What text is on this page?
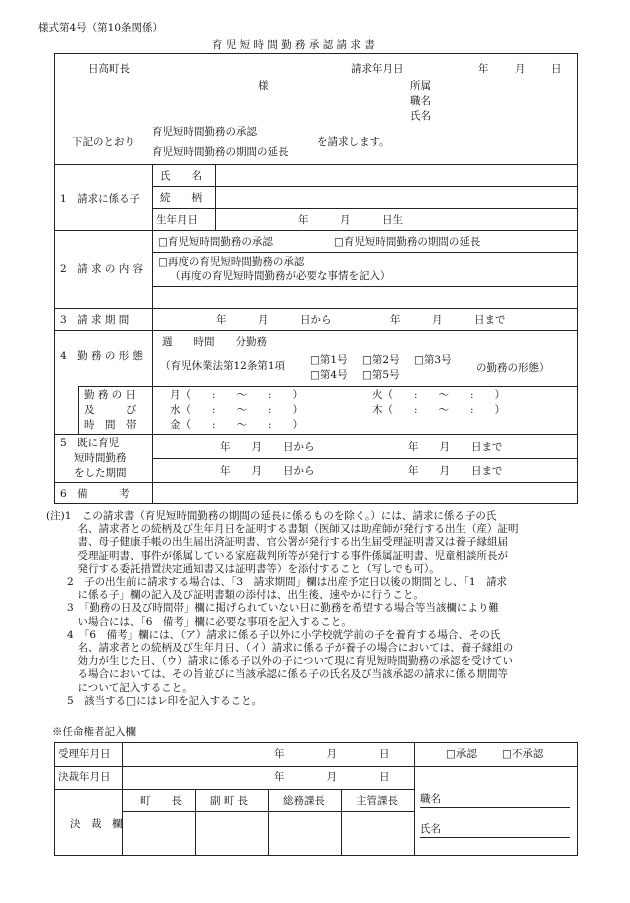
様式第4号（第10条関係）
育 児 短 時 間 勤 務 承 認 請 求 書
日高町長
様
請求年月日	年	月 日
所属
職名
氏名
下記のとおり
育児短時間勤務の承認
育児短時間勤務の期間の延長
を請求します。
1　請求に係る子
氏　　名
続　　柄
生年月日	年　　　月　　　日生
2　請 求 の 内 容
□育児短時間勤務の承認	□育児短時間勤務の期間の延長
□再度の育児短時間勤務の承認
（再度の育児短時間勤務が必要な事情を記入）
3　請 求 期 間	年　　　月　　　日から	年　　　月　　　日まで
4　勤 務 の 形 態
週　　時間　　分勤務
（育児休業法第12条第1項 □第1号 □第2号 □第3号
□第4号 □第5号
の勤務の形態）
勤 務 の 日
及　　　び
時　間　帯
月（　　:　　～　　:　　）	火（　　:　　～　　:　　）
水（　　:　　～　　:　　）	木（　　:　　～　　:　　）
金（　　:　　～　　:　　）
5　既に育児
短時間勤務
をした期間
年　　月　　日から	年　　月　　日まで
年　　月　　日から	年　　月　　日まで
6　備　　　考
(注)1　この請求書（育児短時間勤務の期間の延長に係るものを除く。）には、請求に係る子の氏
　　　名、請求者との続柄及び生年月日を証明する書類（医師又は助産師が発行する出生（産）証明
　　　書、母子健康手帳の出生届出済証明書、官公署が発行する出生届受理証明書又は養子縁組届
　　　受理証明書、事件が係属している家庭裁判所等が発行する事件係属証明書、児童相談所長が
　　　発行する委託措置決定通知書又は証明書等）を添付すること（写しでも可）。
　　2　子の出生前に請求する場合は、「3　請求期間」欄は出産予定日以後の期間とし、「1　請求
　　　に係る子」欄の記入及び証明書類の添付は、出生後、速やかに行うこと。
　　3　「勤務の日及び時間帯」欄に掲げられていない日に勤務を希望する場合等当該欄により難
　　　い場合には、「6　備考」欄に必要な事項を記入すること。
　　4　「6　備考」欄には、（ア）請求に係る子以外に小学校就学前の子を養育する場合、その氏
　　　名、請求者との続柄及び生年月日、（イ）請求に係る子が養子の場合においては、養子縁組の
　　　効力が生じた日、（ウ）請求に係る子以外の子について現に育児短時間勤務の承認を受けてい
　　　る場合においては、その旨並びに当該承認に係る子の氏名及び当該承認の請求に係る期間等
　　　について記入すること。
　　5　該当する□にはレ印を記入すること。
※任命権者記入欄
受理年月日	年　　　　月　　　　日
決裁年月日	年　　　　月　　　　日
□承認 □不承認
決　裁　欄
町　　長	副 町 長	総務課長	主管課長 職名
氏名
